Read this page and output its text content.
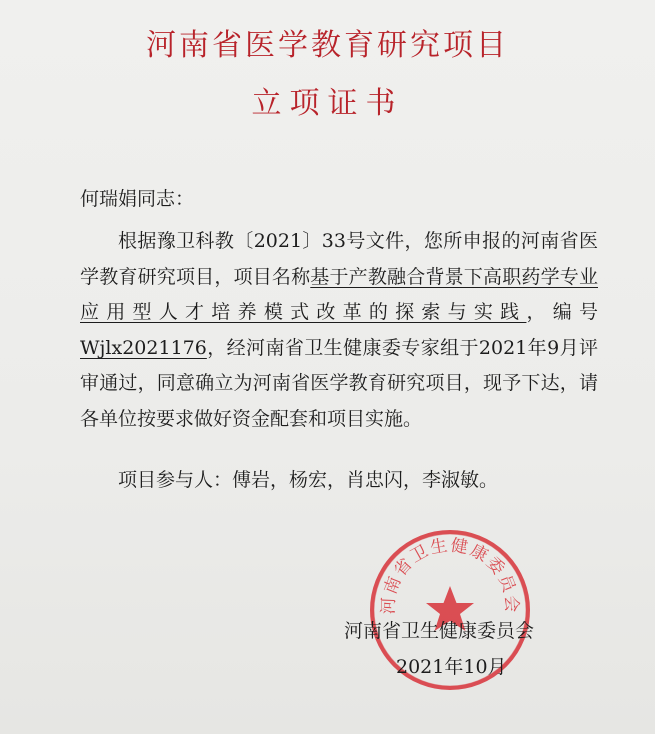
河南省医学教育研究项目
立项证书
何瑞娟同志：

根据豫卫科教〔2021〕33号文件，您所申报的河南省医学教育研究项目，项目名称基于产教融合背景下高职药学专业应用型人才培养模式改革的探索与实践，编号Wjlx2021176，经河南省卫生健康委专家组于2021年9月评审通过，同意确立为河南省医学教育研究项目，现予下达，请各单位按要求做好资金配套和项目实施。

项目参与人：傅岩，杨宏，肖忠闪，李淑敏。
河南省卫生健康委员会
河南省卫生健康委员会
2021年10月
